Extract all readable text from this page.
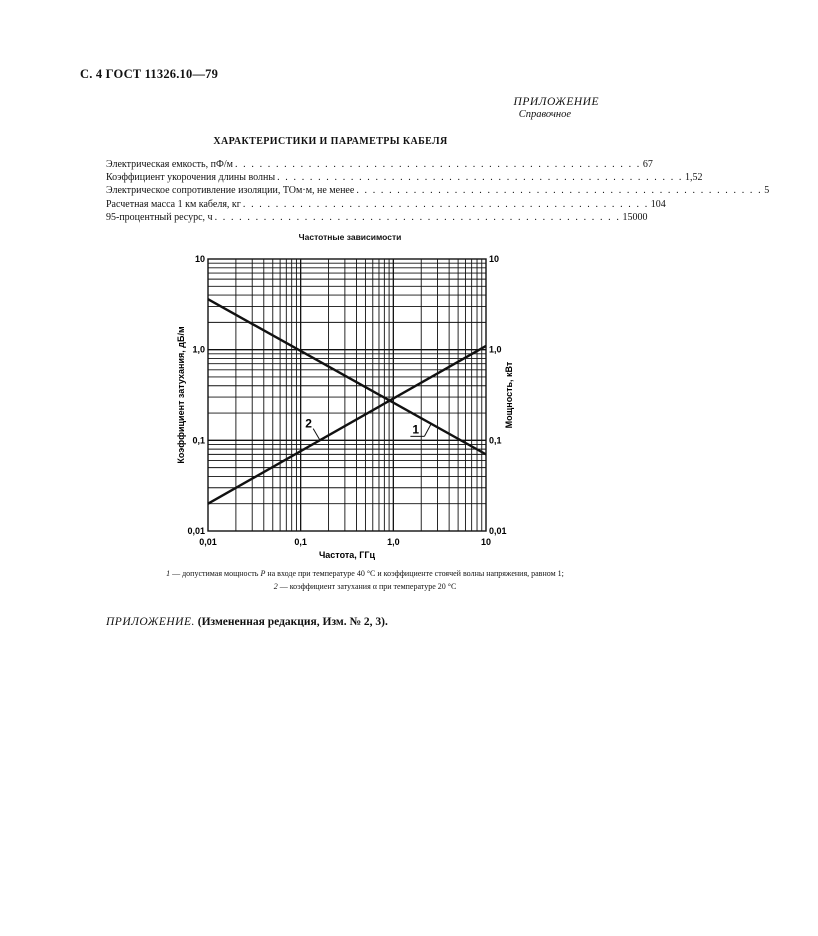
С. 4 ГОСТ 11326.10—79
ПРИЛОЖЕНИЕ
Справочное
ХАРАКТЕРИСТИКИ И ПАРАМЕТРЫ КАБЕЛЯ
Электрическая емкость, пФ/м . . . . . . . . . . . . . . . . . . . . . . . . . . . . . . . . . . . . . . . . . . . . . . . . . . 67
Коэффициент укорочения длины волны . . . . . . . . . . . . . . . . . . . . . . . . . . . . . . . . . . . . . . . . . . . . . . . . . . 1,52
Электрическое сопротивление изоляции, ТОм·м, не менее . . . . . . . . . . . . . . . . . . . . . . . . . . . . . . . . . . . . . . . . . . . . . . . . . . 5
Расчетная масса 1 км кабеля, кг . . . . . . . . . . . . . . . . . . . . . . . . . . . . . . . . . . . . . . . . . . . . . . . . . . 104
95-процентный ресурс, ч . . . . . . . . . . . . . . . . . . . . . . . . . . . . . . . . . . . . . . . . . . . . . . . . . . 15000
Частотные зависимости
0,01	0,1	1,0	10
0,01	0,01
0,1	0,1
1,0	1,0
10	10
1
2
Частота, ГГц
Коэффициент затухания, дБ/м	Мощность, кВт
1 — допустимая мощность P на входе при температуре 40 °С и коэффициенте стоячей волны напряжения, равном 1;
2 — коэффициент затухания α при температуре 20 °С
ПРИЛОЖЕНИЕ. (Измененная редакция, Изм. № 2, 3).
